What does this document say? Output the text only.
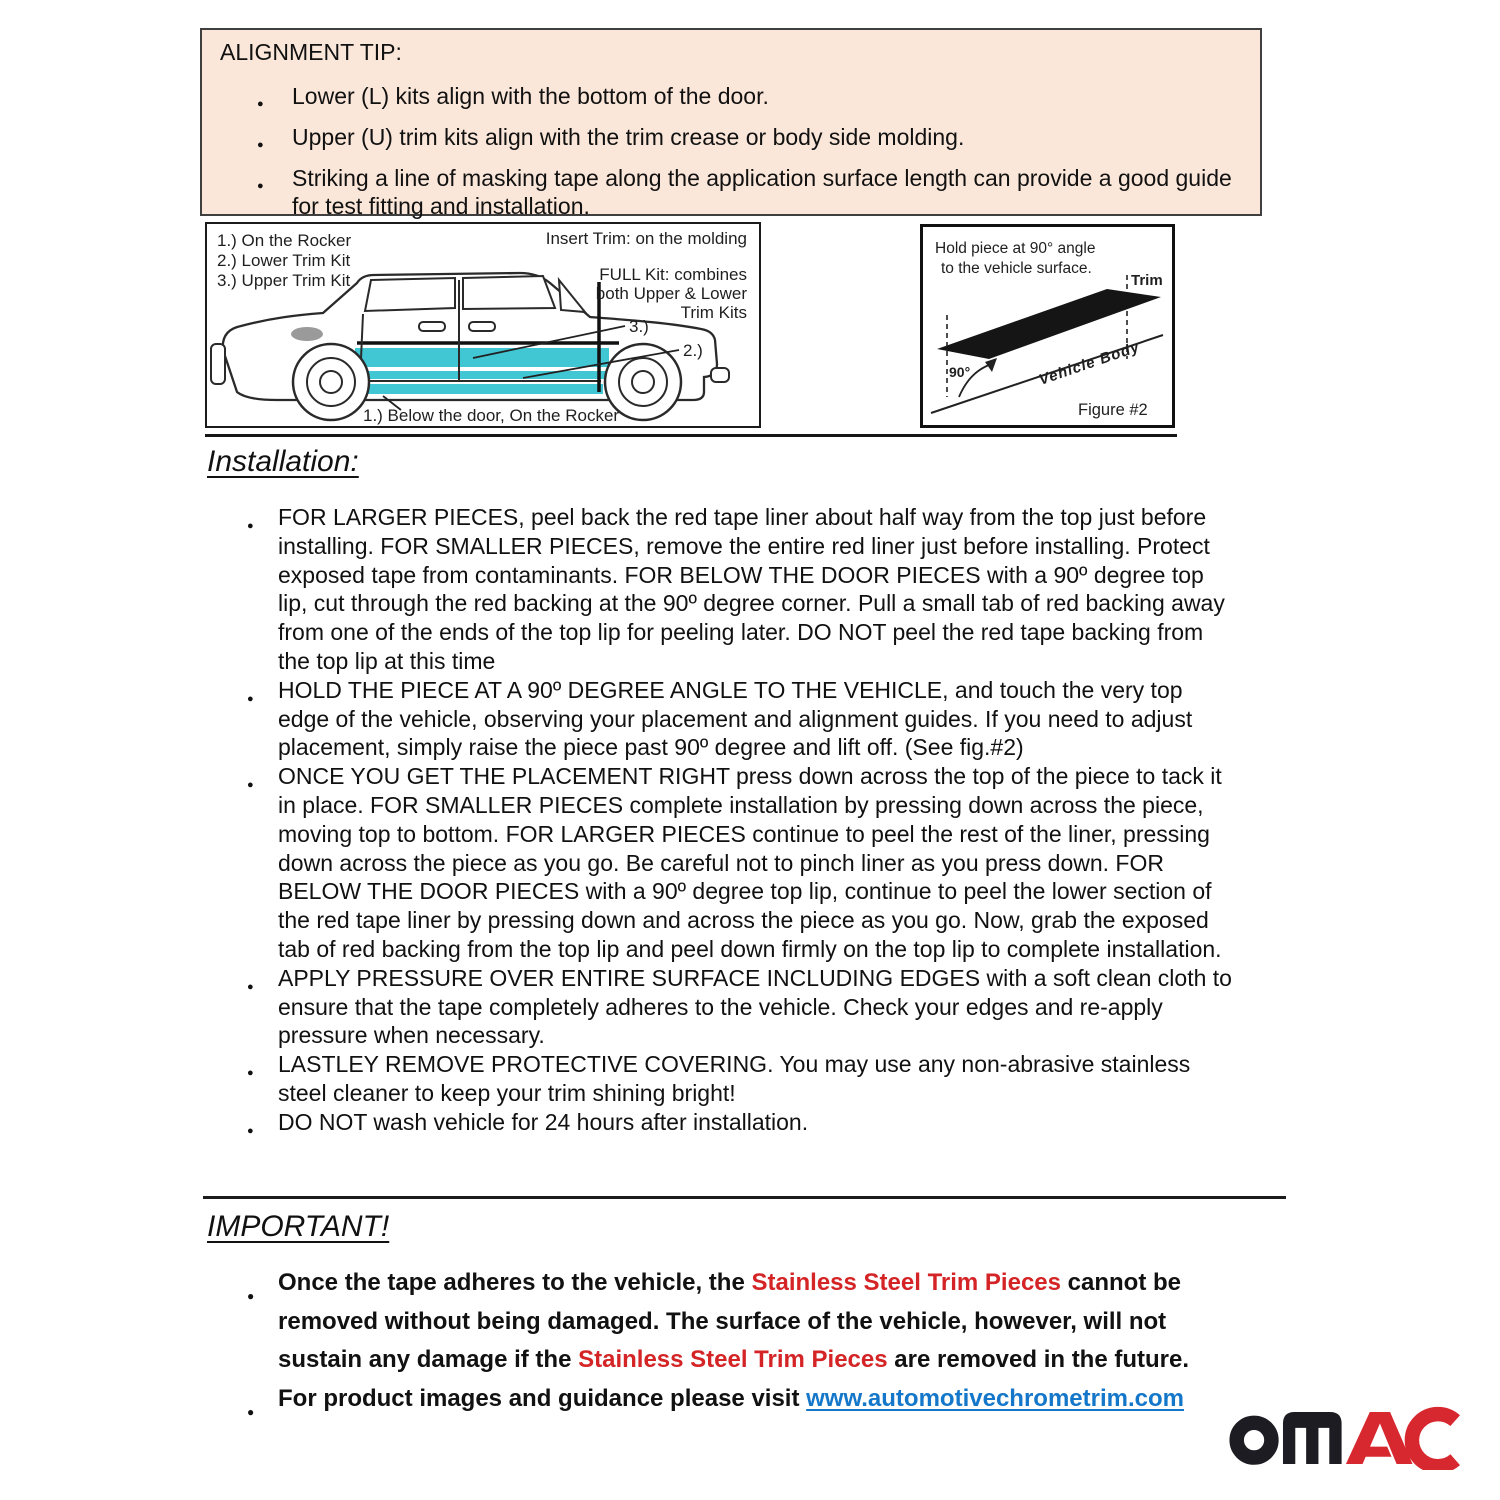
ALIGNMENT TIP:
● Lower (L) kits align with the bottom of the door.
● Upper (U) trim kits align with the trim crease or body side molding.
● Striking a line of masking tape along the application surface length can provide a good guide for test fitting and installation.
1.) On the Rocker
2.) Lower Trim Kit
3.) Upper Trim Kit
Insert Trim: on the molding
FULL Kit: combines
both Upper & Lower
Trim Kits
3.)
2.)
1.) Below the door, On the Rocker
Hold piece at 90° angle
to the vehicle surface.
Trim
90°	Vehicle Body
Figure #2
Installation:
● FOR LARGER PIECES, peel back the red tape liner about half way from the top just before installing. FOR SMALLER PIECES, remove the entire red liner just before installing. Protect exposed tape from contaminants. FOR BELOW THE DOOR PIECES with a 90º degree top lip, cut through the red backing at the 90º degree corner. Pull a small tab of red backing away from one of the ends of the top lip for peeling later. DO NOT peel the red tape backing from the top lip at this time
● HOLD THE PIECE AT A 90º DEGREE ANGLE TO THE VEHICLE, and touch the very top edge of the vehicle, observing your placement and alignment guides. If you need to adjust placement, simply raise the piece past 90º degree and lift off. (See fig.#2)
● ONCE YOU GET THE PLACEMENT RIGHT press down across the top of the piece to tack it in place. FOR SMALLER PIECES complete installation by pressing down across the piece, moving top to bottom. FOR LARGER PIECES continue to peel the rest of the liner, pressing down across the piece as you go. Be careful not to pinch liner as you press down. FOR BELOW THE DOOR PIECES with a 90º degree top lip, continue to peel the lower section of the red tape liner by pressing down and across the piece as you go. Now, grab the exposed tab of red backing from the top lip and peel down firmly on the top lip to complete installation.
● APPLY PRESSURE OVER ENTIRE SURFACE INCLUDING EDGES with a soft clean cloth to ensure that the tape completely adheres to the vehicle. Check your edges and re-apply pressure when necessary.
● LASTLEY REMOVE PROTECTIVE COVERING. You may use any non-abrasive stainless steel cleaner to keep your trim shining bright!
● DO NOT wash vehicle for 24 hours after installation.
IMPORTANT!
● Once the tape adheres to the vehicle, the Stainless Steel Trim Pieces cannot be removed without being damaged. The surface of the vehicle, however, will not sustain any damage if the Stainless Steel Trim Pieces are removed in the future.
● For product images and guidance please visit www.automotivechrometrim.com
